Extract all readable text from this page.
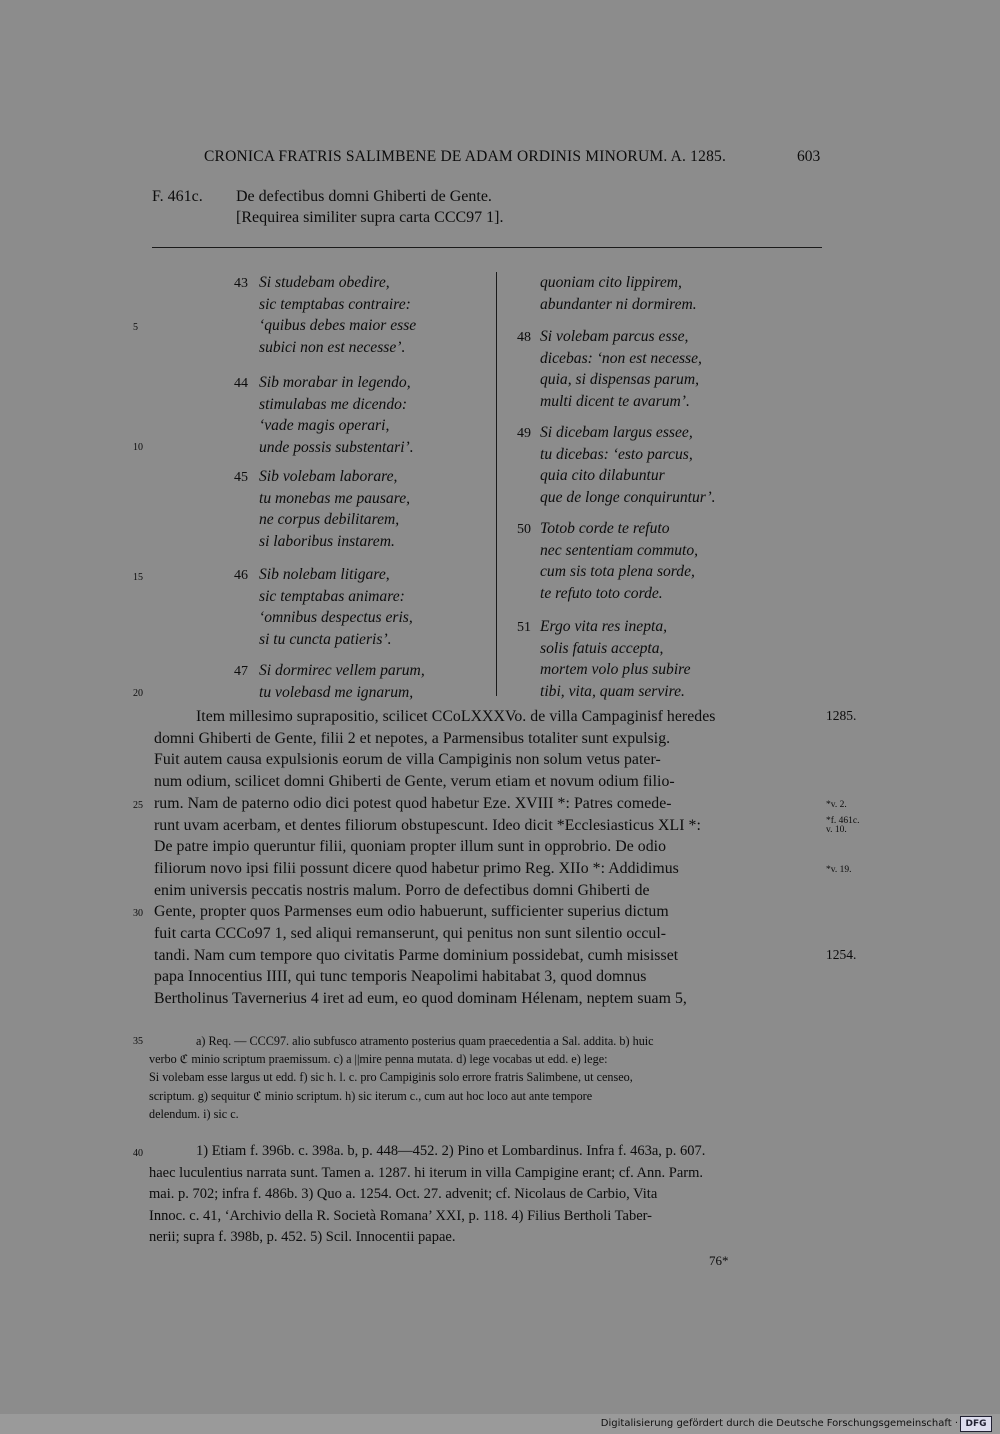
CRONICA FRATRIS SALIMBENE DE ADAM ORDINIS MINORUM. A. 1285.	603
F. 461c. De defectibus domni Ghiberti de Gente.
[Requirea similiter supra carta CCC97 1].
43 Si studebam obedire,
sic temptabas contraire:
‘quibus debes maior esse
subici non est necesse’.
44 Sib morabar in legendo,
stimulabas me dicendo:
‘vade magis operari,
unde possis substentari’.
45 Sib volebam laborare,
tu monebas me pausare,
ne corpus debilitarem,
si laboribus instarem.
46 Sib nolebam litigare,
sic temptabas animare:
‘omnibus despectus eris,
si tu cuncta patieris’.
47 Si dormirec vellem parum,
tu volebasd me ignarum,
quoniam cito lippirem,
abundanter ni dormirem.
48 Si volebam parcus esse,
dicebas: ‘non est necesse,
quia, si dispensas parum,
multi dicent te avarum’.
49 Si dicebam largus essee,
tu dicebas: ‘esto parcus,
quia cito dilabuntur
que de longe conquiruntur’.
50 Totob corde te refuto
nec sententiam commuto,
cum sis tota plena sorde,
te refuto toto corde.
51 Ergo vita res inepta,
solis fatuis accepta,
mortem volo plus subire
tibi, vita, quam servire.
5
10
15
20
Item millesimo suprapositio, scilicet CCoLXXXVo. de villa Campaginisf heredes
domni Ghiberti de Gente, filii 2 et nepotes, a Parmensibus totaliter sunt expulsig.
Fuit autem causa expulsionis eorum de villa Campiginis non solum vetus pater-
num odium, scilicet domni Ghiberti de Gente, verum etiam et novum odium filio-
rum. Nam de paterno odio dici potest quod habetur Eze. XVIII *: Patres comede-
runt uvam acerbam, et dentes filiorum obstupescunt. Ideo dicit *Ecclesiasticus XLI *:
De patre impio queruntur filii, quoniam propter illum sunt in opprobrio. De odio
filiorum novo ipsi filii possunt dicere quod habetur primo Reg. XIIo *: Addidimus
enim universis peccatis nostris malum. Porro de defectibus domni Ghiberti de
Gente, propter quos Parmenses eum odio habuerunt, sufficienter superius dictum
fuit carta CCCo97 1, sed aliqui remanserunt, qui penitus non sunt silentio occul-
tandi. Nam cum tempore quo civitatis Parme dominium possidebat, cumh misisset
papa Innocentius IIII, qui tunc temporis Neapolimi habitabat 3, quod domnus
Bertholinus Tavernerius 4 iret ad eum, eo quod dominam Hélenam, neptem suam 5,
25
30
1285.
1254.
*v. 2.
*f. 461c. v. 10.
*v. 19.
35	a) Req. — CCC97. alio subfusco atramento posterius quam praecedentia a Sal. addita. b) huic
verbo ℭ minio scriptum praemissum. c) a ||mire penna mutata. d) lege vocabas ut edd. e) lege:
Si volebam esse largus ut edd. f) sic h. l. c. pro Campiginis solo errore fratris Salimbene, ut censeo,
scriptum. g) sequitur ℭ minio scriptum. h) sic iterum c., cum aut hoc loco aut ante tempore
delendum. i) sic c.
40	1) Etiam f. 396b. c. 398a. b, p. 448—452. 2) Pino et Lombardinus. Infra f. 463a, p. 607.
haec luculentius narrata sunt. Tamen a. 1287. hi iterum in villa Campigine erant; cf. Ann. Parm.
mai. p. 702; infra f. 486b. 3) Quo a. 1254. Oct. 27. advenit; cf. Nicolaus de Carbio, Vita
Innoc. c. 41, ‘Archivio della R. Società Romana’ XXI, p. 118. 4) Filius Bertholi Taber-
nerii; supra f. 398b, p. 452. 5) Scil. Innocentii papae.
76*
Digitalisierung gefördert durch die Deutsche Forschungsgemeinschaft · DFG
